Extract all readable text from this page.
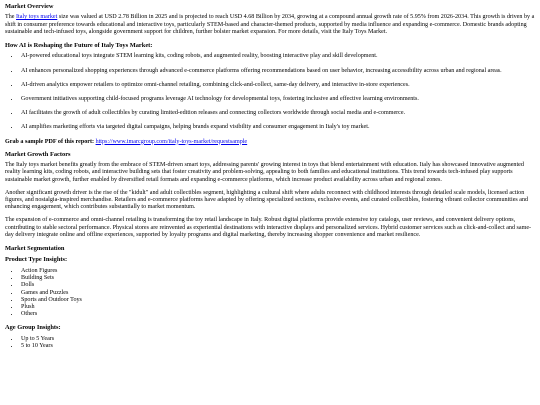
Market Overview

The Italy toys market size was valued at USD 2.78 Billion in 2025 and is projected to reach USD 4.68 Billion by 2034, growing at a compound annual growth rate of 5.95% from 2026-2034. This growth is driven by a shift in consumer preference towards educational and interactive toys, particularly STEM-based and character-themed products, supported by media influence and expanding e-commerce. Domestic brands adopting sustainable and tech-infused toys, alongside government support for children, further bolster market expansion. For more details, visit the Italy Toys Market.

How AI is Reshaping the Future of Italy Toys Market:
• AI-powered educational toys integrate STEM learning kits, coding robots, and augmented reality, boosting interactive play and skill development.
• AI enhances personalized shopping experiences through advanced e-commerce platforms offering recommendations based on user behavior, increasing accessibility across urban and regional areas.
• AI-driven analytics empower retailers to optimize omni-channel retailing, combining click-and-collect, same-day delivery, and interactive in-store experiences.
• Government initiatives supporting child-focused programs leverage AI technology for developmental toys, fostering inclusive and effective learning environments.
• AI facilitates the growth of adult collectibles by curating limited-edition releases and connecting collectors worldwide through social media and e-commerce.
• AI amplifies marketing efforts via targeted digital campaigns, helping brands expand visibility and consumer engagement in Italy's toy market.

Grab a sample PDF of this report: https://www.imarcgroup.com/italy-toys-market/requestsample

Market Growth Factors

The Italy toys market benefits greatly from the embrace of STEM-driven smart toys, addressing parents' growing interest in toys that blend entertainment with education. Italy has showcased innovative augmented reality learning kits, coding robots, and interactive building sets that foster creativity and problem-solving, appealing to both families and educational institutions. This trend towards tech-infused play supports sustainable market growth, further enabled by diversified retail formats and expanding e-commerce platforms, which increase product availability across urban and regional zones.

Another significant growth driver is the rise of the "kidult" and adult collectibles segment, highlighting a cultural shift where adults reconnect with childhood interests through detailed scale models, licensed action figures, and nostalgia-inspired merchandise. Retailers and e-commerce platforms have adapted by offering specialized sections, exclusive events, and curated collectibles, fostering vibrant collector communities and enhancing engagement, which contributes substantially to market momentum.

The expansion of e-commerce and omni-channel retailing is transforming the toy retail landscape in Italy. Robust digital platforms provide extensive toy catalogs, user reviews, and convenient delivery options, contributing to stable sectoral performance. Physical stores are reinvented as experiential destinations with interactive displays and personalized services. Hybrid customer services such as click-and-collect and same-day delivery integrate online and offline experiences, supported by loyalty programs and digital marketing, thereby increasing shopper convenience and market resilience.

Market Segmentation
Product Type Insights:
• Action Figures
• Building Sets
• Dolls
• Games and Puzzles
• Sports and Outdoor Toys
• Plush
• Others
Age Group Insights:
• Up to 5 Years
• 5 to 10 Years
